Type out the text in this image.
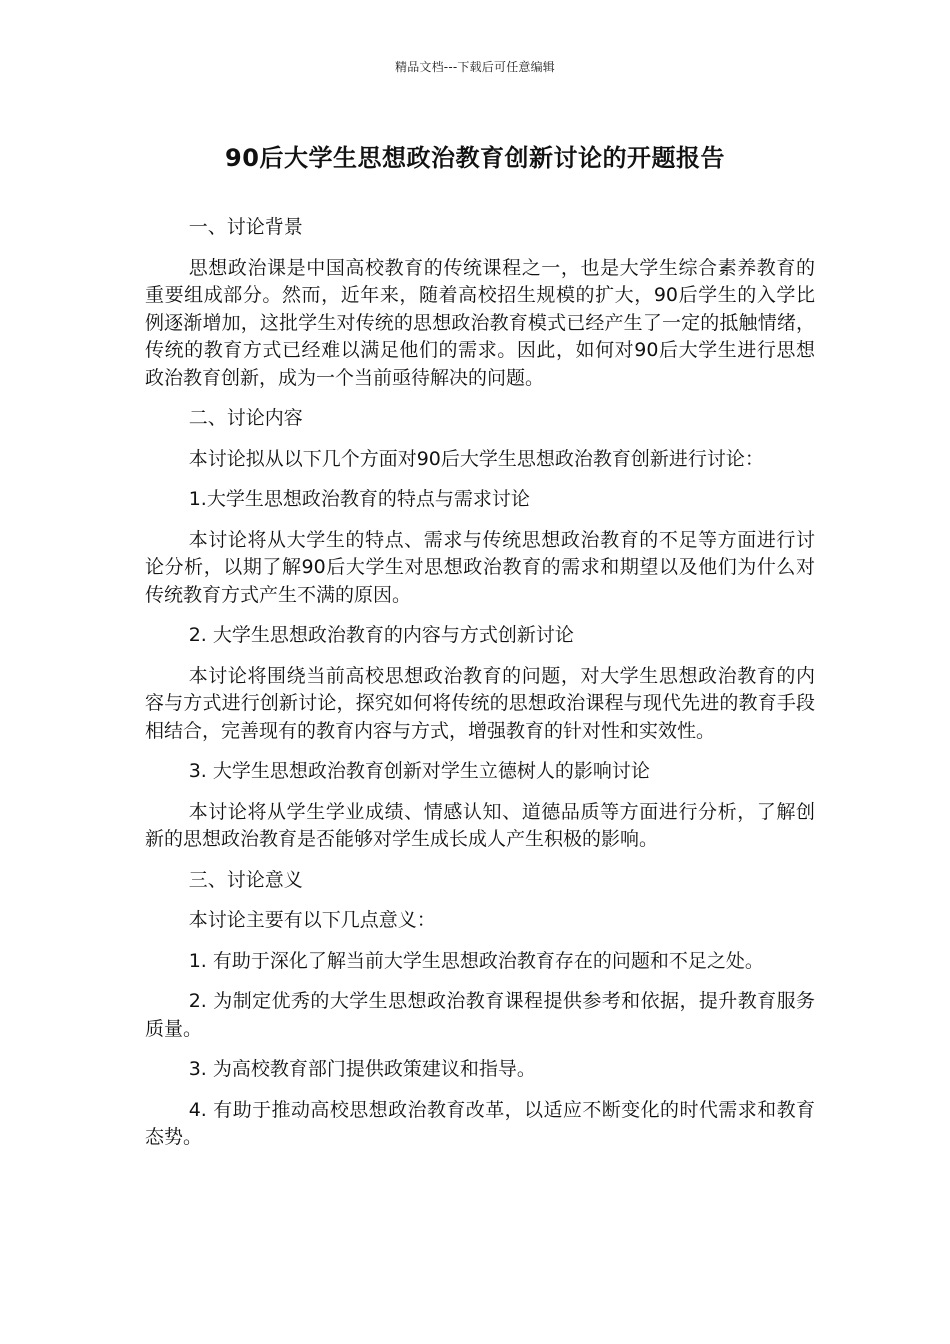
精品文档---下载后可任意编辑
90后大学生思想政治教育创新讨论的开题报告

一、讨论背景

思想政治课是中国高校教育的传统课程之一，也是大学生综合素养教育的重要组成部分。然而，近年来，随着高校招生规模的扩大，90后学生的入学比例逐渐增加，这批学生对传统的思想政治教育模式已经产生了一定的抵触情绪，传统的教育方式已经难以满足他们的需求。因此，如何对90后大学生进行思想政治教育创新，成为一个当前亟待解决的问题。

二、讨论内容

本讨论拟从以下几个方面对90后大学生思想政治教育创新进行讨论：

1.大学生思想政治教育的特点与需求讨论

本讨论将从大学生的特点、需求与传统思想政治教育的不足等方面进行讨论分析，以期了解90后大学生对思想政治教育的需求和期望以及他们为什么对传统教育方式产生不满的原因。

2. 大学生思想政治教育的内容与方式创新讨论

本讨论将围绕当前高校思想政治教育的问题，对大学生思想政治教育的内容与方式进行创新讨论，探究如何将传统的思想政治课程与现代先进的教育手段相结合，完善现有的教育内容与方式，增强教育的针对性和实效性。

3. 大学生思想政治教育创新对学生立德树人的影响讨论

本讨论将从学生学业成绩、情感认知、道德品质等方面进行分析，了解创新的思想政治教育是否能够对学生成长成人产生积极的影响。

三、讨论意义

本讨论主要有以下几点意义：

1. 有助于深化了解当前大学生思想政治教育存在的问题和不足之处。

2. 为制定优秀的大学生思想政治教育课程提供参考和依据，提升教育服务质量。

3. 为高校教育部门提供政策建议和指导。

4. 有助于推动高校思想政治教育改革，以适应不断变化的时代需求和教育态势。
